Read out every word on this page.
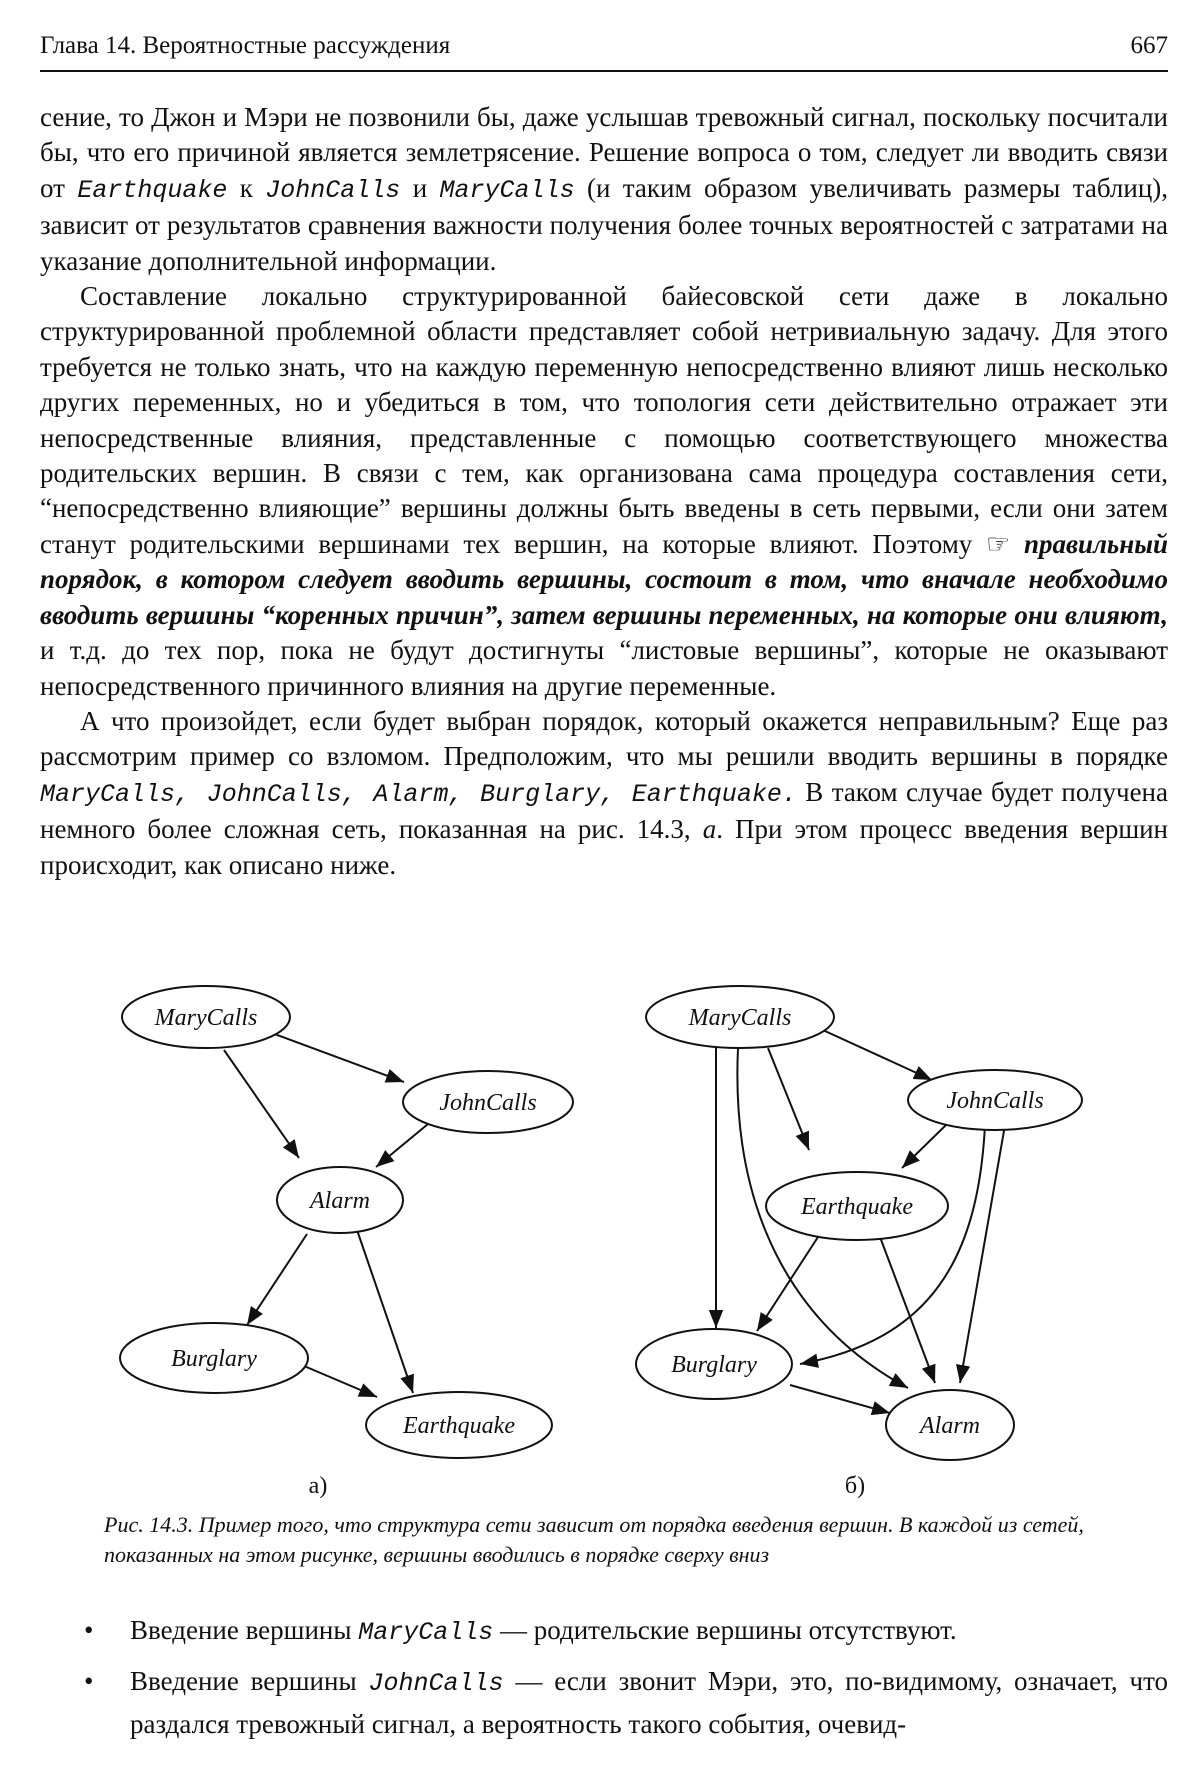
Глава 14. Вероятностные рассуждения	667

сение, то Джон и Мэри не позвонили бы, даже услышав тревожный сигнал, поскольку посчитали бы, что его причиной является землетрясение. Решение вопроса о том, следует ли вводить связи от Earthquake к JohnCalls и MaryCalls (и таким образом увеличивать размеры таблиц), зависит от результатов сравнения важности получения более точных вероятностей с затратами на указание дополнительной информации.

Составление локально структурированной байесовской сети даже в локально структурированной проблемной области представляет собой нетривиальную задачу. Для этого требуется не только знать, что на каждую переменную непосредственно влияют лишь несколько других переменных, но и убедиться в том, что топология сети действительно отражает эти непосредственные влияния, представленные с помощью соответствующего множества родительских вершин. В связи с тем, как организована сама процедура составления сети, “непосредственно влияющие” вершины должны быть введены в сеть первыми, если они затем станут родительскими вершинами тех вершин, на которые влияют. Поэтому ☞ правильный порядок, в котором следует вводить вершины, состоит в том, что вначале необходимо вводить вершины “коренных причин”, затем вершины переменных, на которые они влияют, и т.д. до тех пор, пока не будут достигнуты “листовые вершины”, которые не оказывают непосредственного причинного влияния на другие переменные.

А что произойдет, если будет выбран порядок, который окажется неправильным? Еще раз рассмотрим пример со взломом. Предположим, что мы решили вводить вершины в порядке MaryCalls, JohnCalls, Alarm, Burglary, Earthquake. В таком случае будет получена немного более сложная сеть, показанная на рис. 14.3, а. При этом процесс введения вершин происходит, как описано ниже.

MaryCalls
JohnCalls
Alarm
Burglary
Earthquake
MaryCalls
JohnCalls
Earthquake
Burglary
Alarm
а)	б)
Рис. 14.3. Пример того, что структура сети зависит от порядка введения вершин. В каждой из сетей, показанных на этом рисунке, вершины вводились в порядке сверху вниз
• Введение вершины MaryCalls — родительские вершины отсутствуют.
• Введение вершины JohnCalls — если звонит Мэри, это, по-видимому, означает, что раздался тревожный сигнал, а вероятность такого события, очевид-
